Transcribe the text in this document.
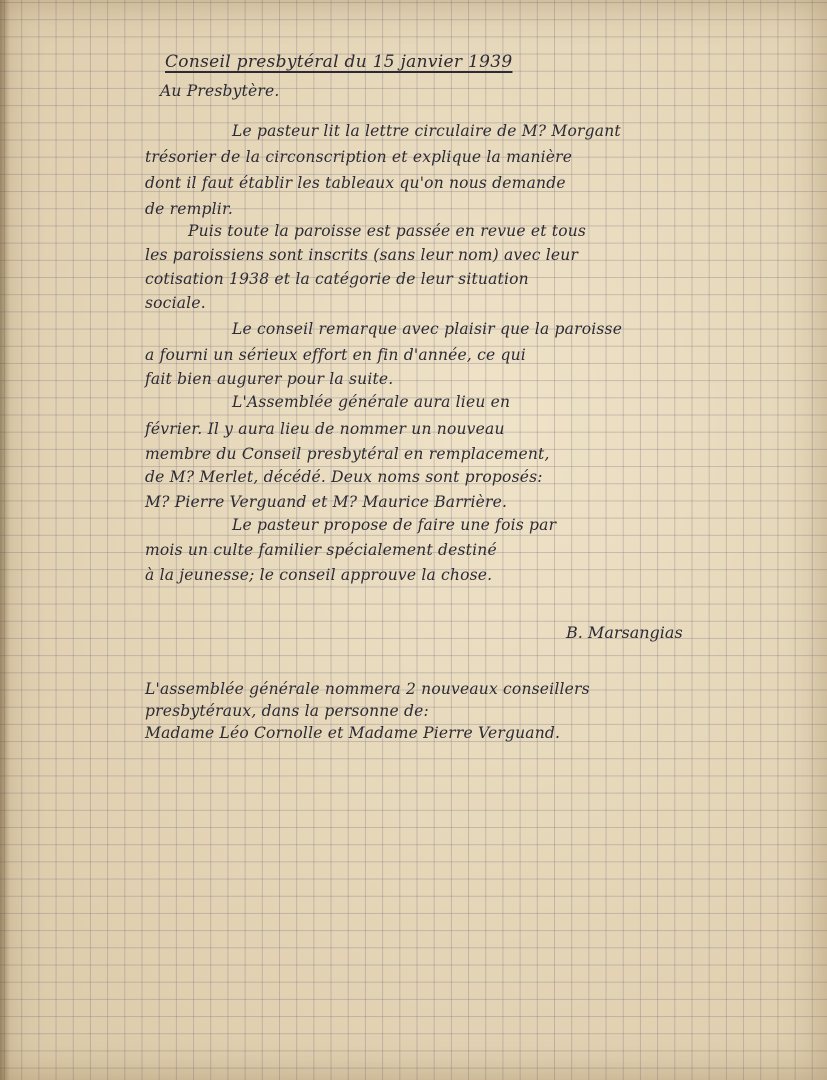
Conseil presbytéral du 15 janvier 1939
Au Presbytère.
Le pasteur lit la lettre circulaire de M? Morgant
trésorier de la circonscription et explique la manière
dont il faut établir les tableaux qu'on nous demande
de remplir.
Puis toute la paroisse est passée en revue et tous
les paroissiens sont inscrits (sans leur nom) avec leur
cotisation 1938 et la catégorie de leur situation
sociale.
Le conseil remarque avec plaisir que la paroisse
a fourni un sérieux effort en fin d'année, ce qui
fait bien augurer pour la suite.
L'Assemblée générale aura lieu en
février. Il y aura lieu de nommer un nouveau
membre du Conseil presbytéral en remplacement,
de M? Merlet, décédé. Deux noms sont proposés:
M? Pierre Verguand et M? Maurice Barrière.
Le pasteur propose de faire une fois par
mois un culte familier spécialement destiné
à la jeunesse; le conseil approuve la chose.
B. Marsangias
L'assemblée générale nommera 2 nouveaux conseillers
presbytéraux, dans la personne de:
Madame Léo Cornolle et Madame Pierre Verguand.
